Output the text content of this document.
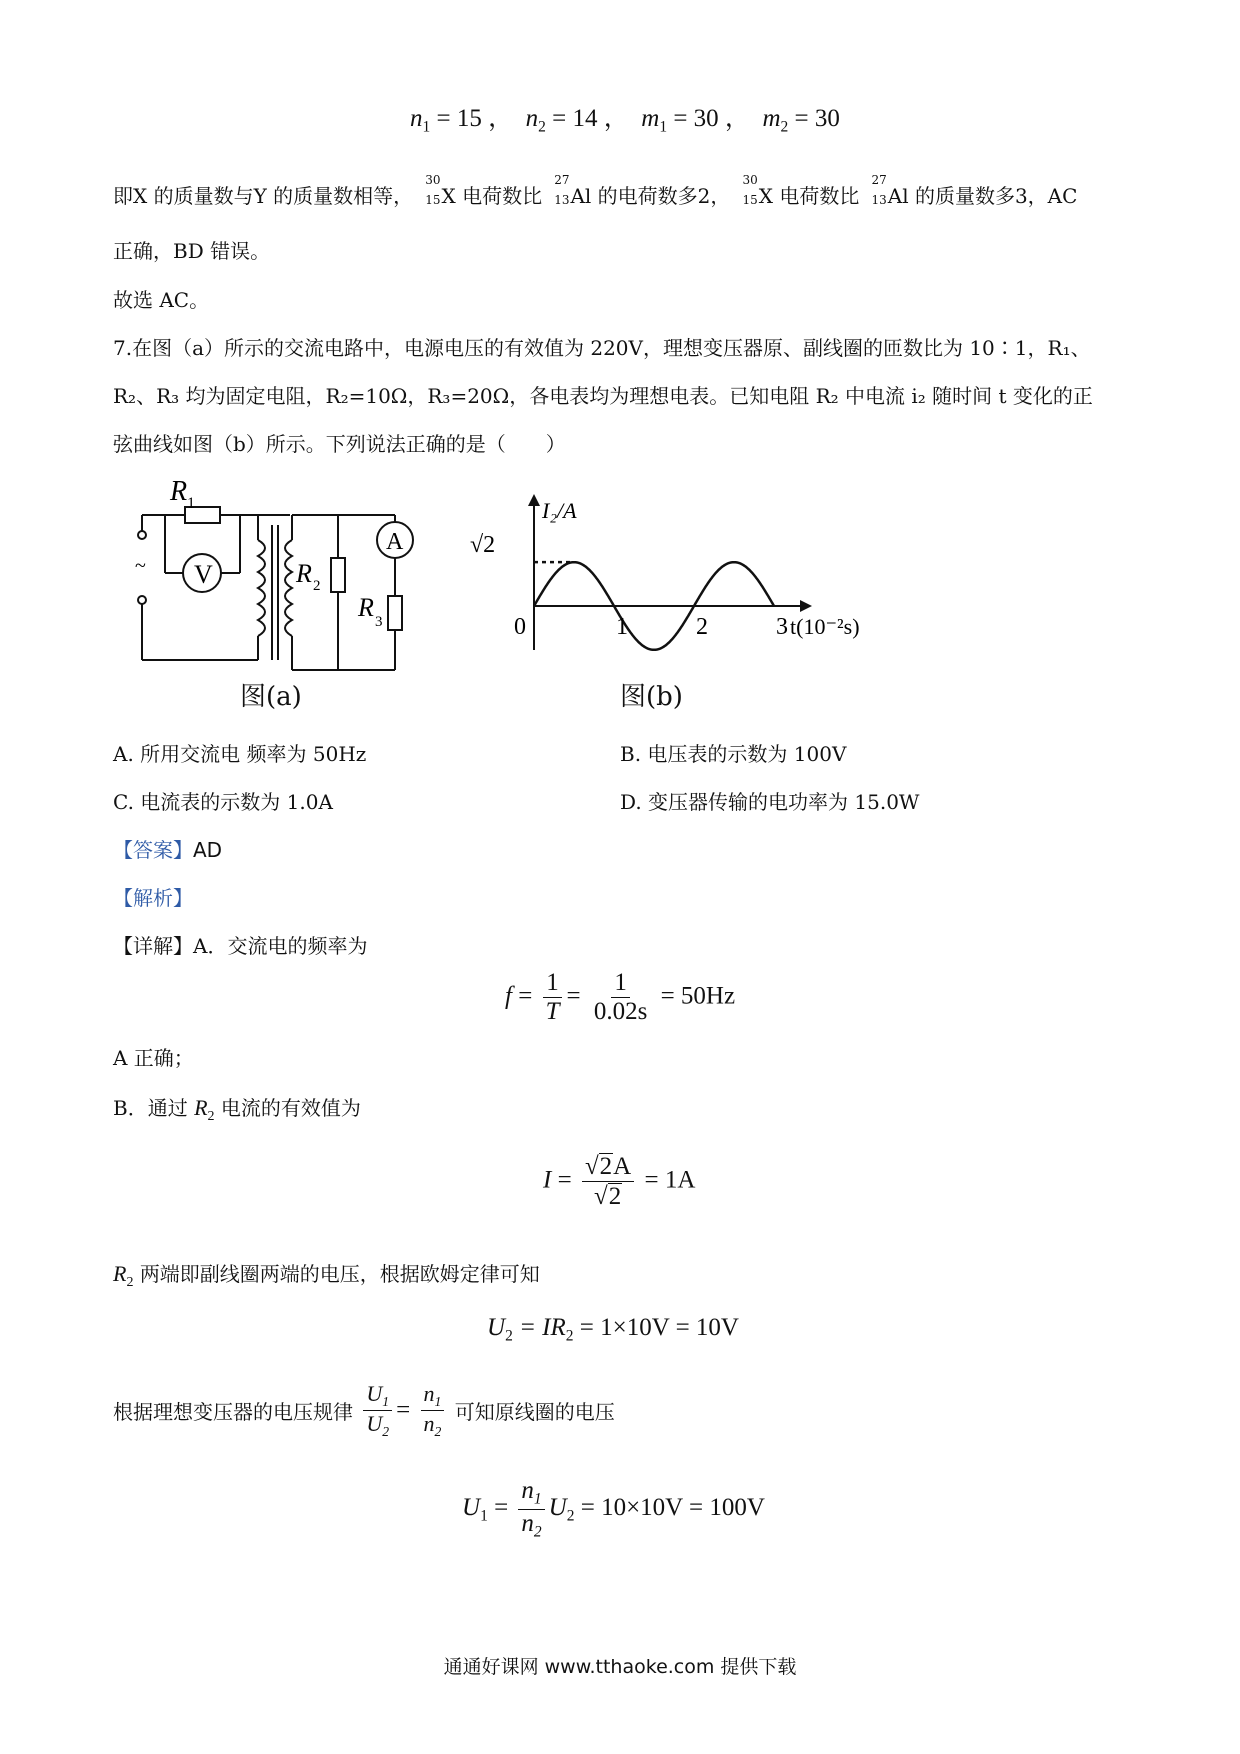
$n_1 = 15$ ， $n_2 = 14$ ， $m_1 = 30$ ， $m_2 = 30$
即X 的质量数与Y 的质量数相等，
30
15 X 电荷数比
27
13 Al 的电荷数多2，
30
15 X 电荷数比
27
13 Al 的质量数多3，AC
正确，BD 错误。
故选 AC。
7.在图（a）所示的交流电路中，电源电压的有效值为 220V，理想变压器原、副线圈的匝数比为 10∶1，R₁、
R₂、R₃ 均为固定电阻，R₂=10Ω，R₃=20Ω，各电表均为理想电表。已知电阻 R₂ 中电流 i₂ 随时间 t 变化的正
弦曲线如图（b）所示。下列说法正确的是（　　）
R 1
V
~	R 2
A
R 3
图(a)
I₂/A
√2
0	1	2	3 t(10⁻²s)
图(b)
A. 所用交流电 频率为 50Hz	B. 电压表的示数为 100V
C. 电流表的示数为 1.0A	D. 变压器传输的电功率为 15.0W
【答案】AD
【解析】
【详解】A．交流电的频率为
$f = \frac{1}{T} = \frac{1}{0.02s} = 50Hz$
A 正确；
B．通过 $R_2$ 电流的有效值为
$I = \frac{√2A}{√2} = 1A$
$R_2$ 两端即副线圈两端的电压，根据欧姆定律可知
$U_2 = IR_2 = 1\times 10V = 10V$
根据理想变压器的电压规律 $\frac{U_1}{U_2} = \frac{n_1}{n_2}$ 可知原线圈的电压
$U_1 = \frac{n_1}{n_2} U_2 = 10\times 10V = 100V$
通通好课网 www.tthaoke.com 提供下载
